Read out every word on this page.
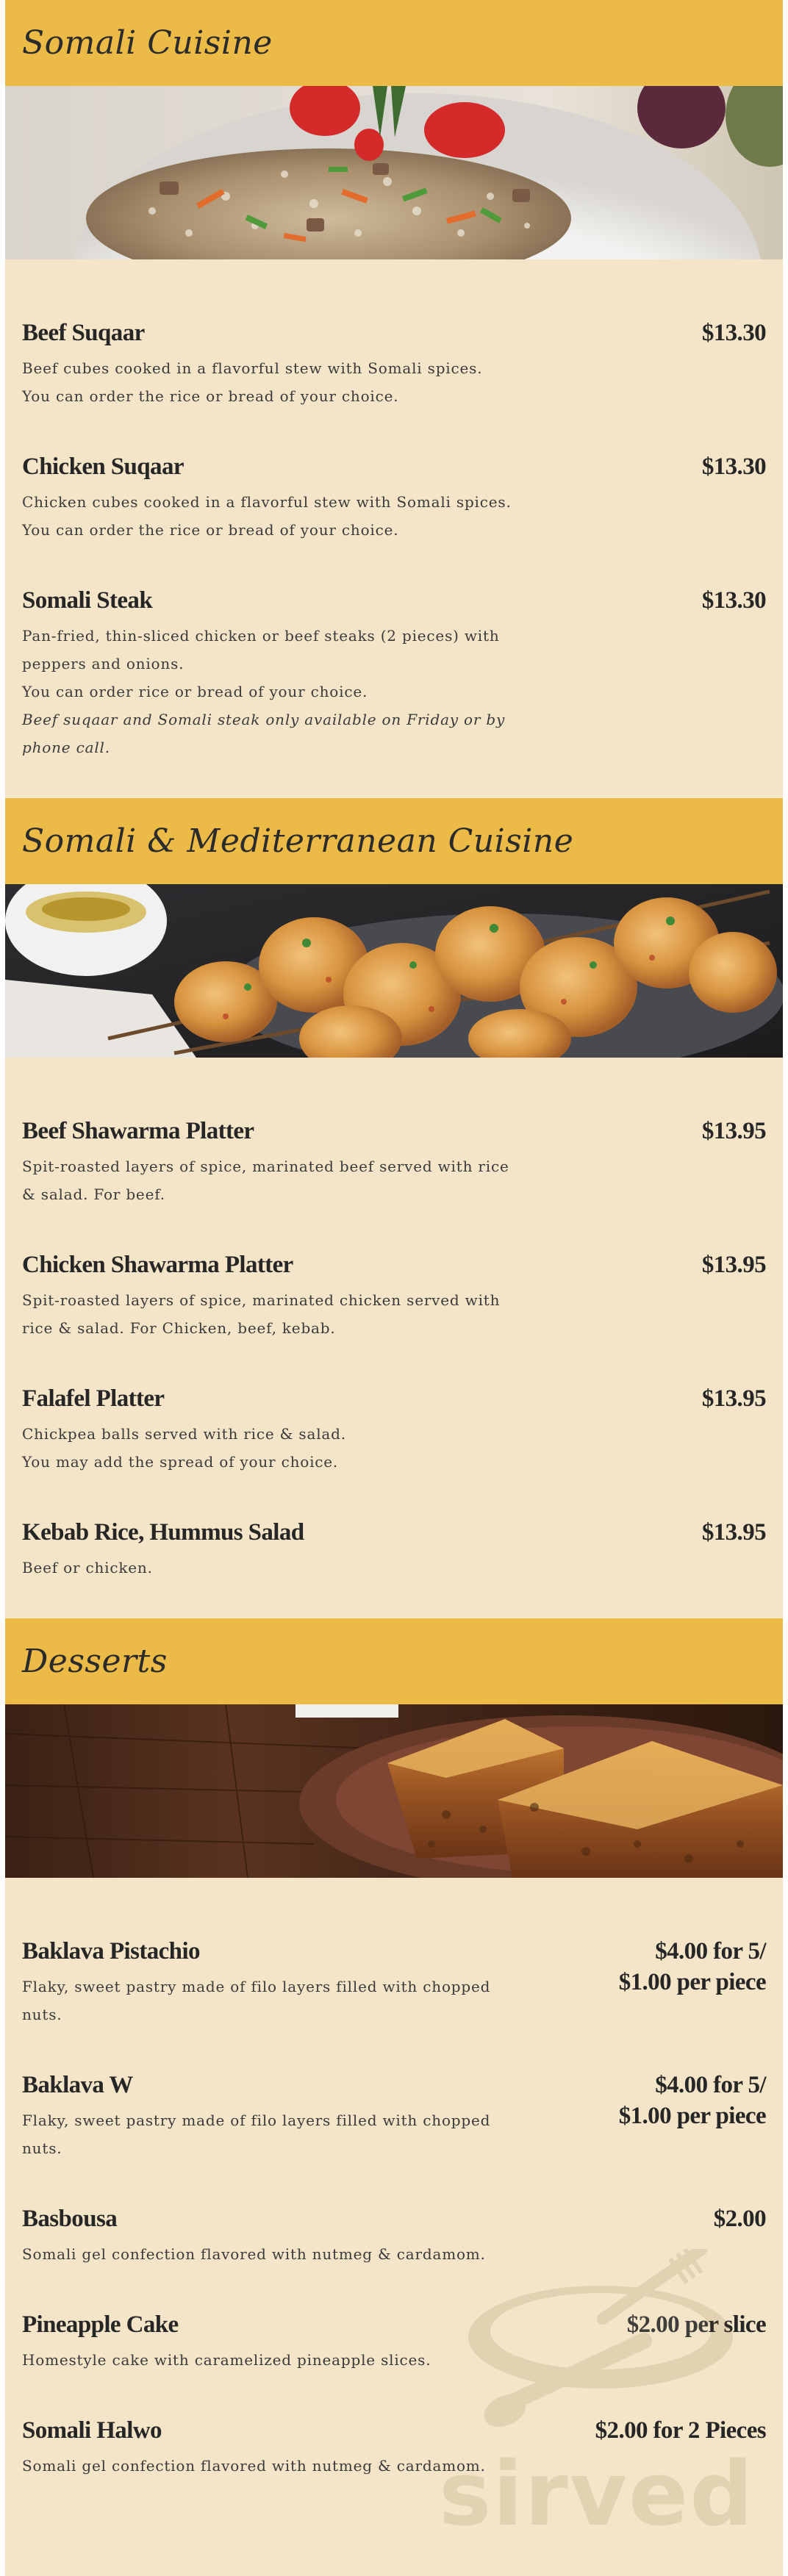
Somali Cuisine
Beef Suqaar	$13.30
Beef cubes cooked in a flavorful stew with Somali spices.
You can order the rice or bread of your choice.
Chicken Suqaar	$13.30
Chicken cubes cooked in a flavorful stew with Somali spices.
You can order the rice or bread of your choice.
Somali Steak	$13.30
Pan-fried, thin-sliced chicken or beef steaks (2 pieces) with
peppers and onions.
You can order rice or bread of your choice.
Beef suqaar and Somali steak only available on Friday or by phone call.
Somali & Mediterranean Cuisine
Beef Shawarma Platter	$13.95
Spit-roasted layers of spice, marinated beef served with rice
& salad. For beef.
Chicken Shawarma Platter	$13.95
Spit-roasted layers of spice, marinated chicken served with
rice & salad. For Chicken, beef, kebab.
Falafel Platter	$13.95
Chickpea balls served with rice & salad.
You may add the spread of your choice.
Kebab Rice, Hummus Salad	$13.95
Beef or chicken.
Desserts
Baklava Pistachio	$4.00 for 5/
$1.00 per piece
Flaky, sweet pastry made of filo layers filled with chopped
nuts.
Baklava W	$4.00 for 5/
$1.00 per piece
Flaky, sweet pastry made of filo layers filled with chopped
nuts.
Basbousa	$2.00
Somali gel confection flavored with nutmeg & cardamom.
Pineapple Cake	$2.00 per slice
Homestyle cake with caramelized pineapple slices.
Somali Halwo	$2.00 for 2 Pieces
Somali gel confection flavored with nutmeg & cardamom.
sirved
